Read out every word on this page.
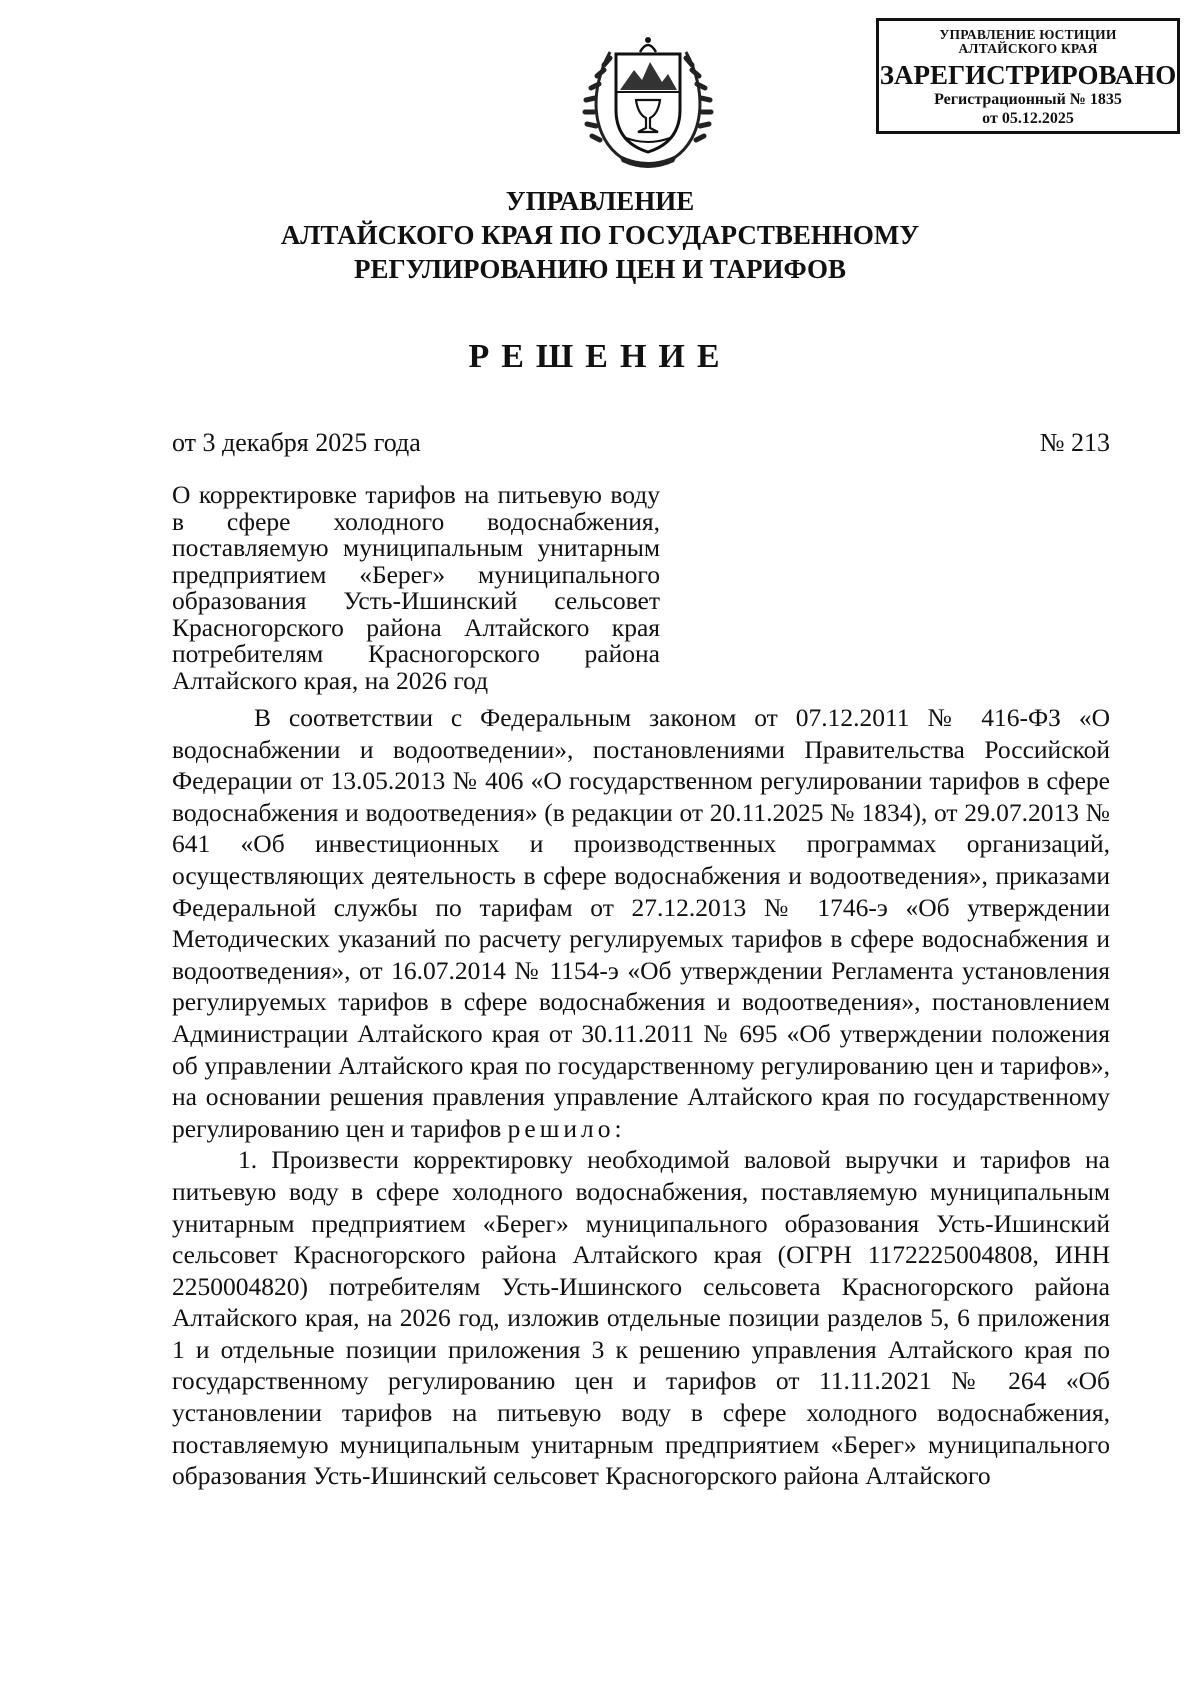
УПРАВЛЕНИЕ ЮСТИЦИИ
АЛТАЙСКОГО КРАЯ
ЗАРЕГИСТРИРОВАНО
Регистрационный № 1835
от 05.12.2025
УПРАВЛЕНИЕ
АЛТАЙСКОГО КРАЯ ПО ГОСУДАРСТВЕННОМУ
РЕГУЛИРОВАНИЮ ЦЕН И ТАРИФОВ
РЕШЕНИЕ
от 3 декабря 2025 года	№ 213
О корректировке тарифов на питьевую воду в сфере холодного водоснабжения, поставляемую муниципальным унитарным предприятием «Берег» муниципального образования Усть-Ишинский сельсовет Красногорского района Алтайского края потребителям Красногорского района Алтайского края, на 2026 год

В соответствии с Федеральным законом от 07.12.2011 № 416-ФЗ «О водоснабжении и водоотведении», постановлениями Правительства Российской Федерации от 13.05.2013 № 406 «О государственном регулировании тарифов в сфере водоснабжения и водоотведения» (в редакции от 20.11.2025 № 1834), от 29.07.2013 № 641 «Об инвестиционных и производственных программах организаций, осуществляющих деятельность в сфере водоснабжения и водоотведения», приказами Федеральной службы по тарифам от 27.12.2013 № 1746-э «Об утверждении Методических указаний по расчету регулируемых тарифов в сфере водоснабжения и водоотведения», от 16.07.2014 № 1154-э «Об утверждении Регламента установления регулируемых тарифов в сфере водоснабжения и водоотведения», постановлением Администрации Алтайского края от 30.11.2011 № 695 «Об утверждении положения об управлении Алтайского края по государственному регулированию цен и тарифов», на основании решения правления управление Алтайского края по государственному регулированию цен и тарифов решило:

1. Произвести корректировку необходимой валовой выручки и тарифов на питьевую воду в сфере холодного водоснабжения, поставляемую муниципальным унитарным предприятием «Берег» муниципального образования Усть-Ишинский сельсовет Красногорского района Алтайского края (ОГРН 1172225004808, ИНН 2250004820) потребителям Усть-Ишинского сельсовета Красногорского района Алтайского края, на 2026 год, изложив отдельные позиции разделов 5, 6 приложения 1 и отдельные позиции приложения 3 к решению управления Алтайского края по государственному регулированию цен и тарифов от 11.11.2021 № 264 «Об установлении тарифов на питьевую воду в сфере холодного водоснабжения, поставляемую муниципальным унитарным предприятием «Берег» муниципального образования Усть-Ишинский сельсовет Красногорского района Алтайского
